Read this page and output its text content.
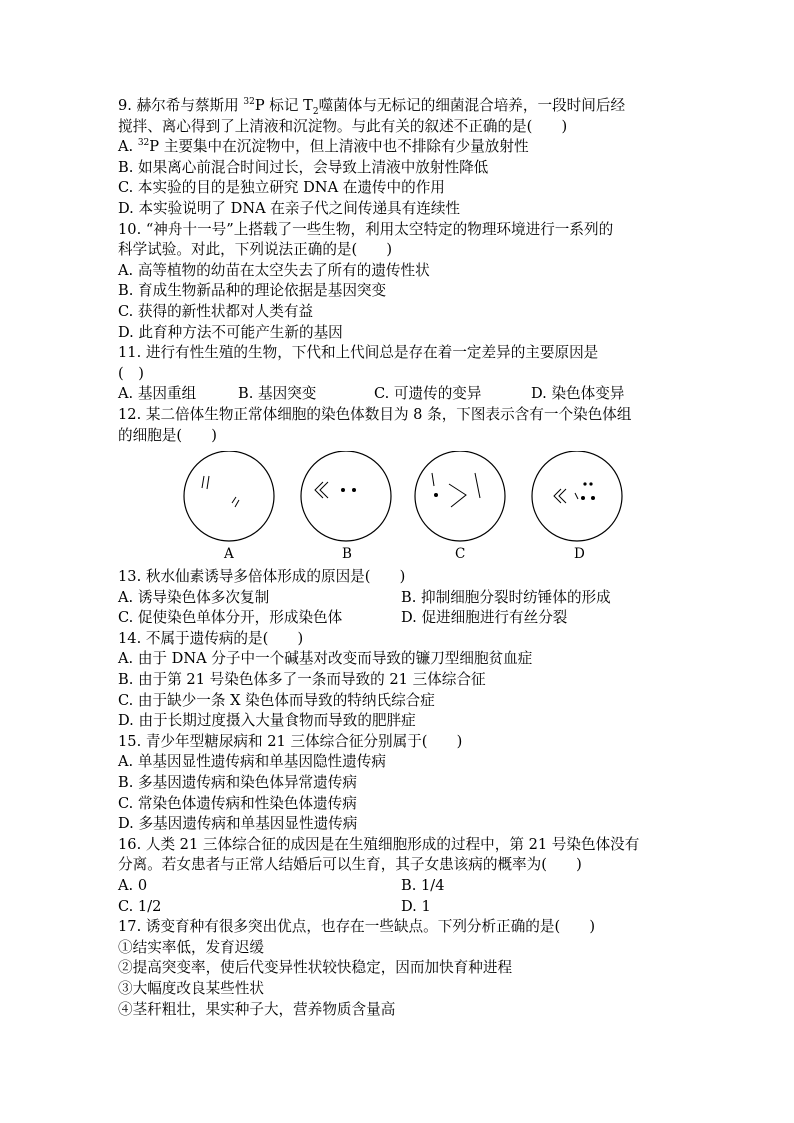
9. 赫尔希与蔡斯用 $^{32}$P 标记 $T_2$噬菌体与无标记的细菌混合培养，一段时间后经
搅拌、离心得到了上清液和沉淀物。与此有关的叙述不正确的是(　　)
A. $^{32}$P 主要集中在沉淀物中，但上清液中也不排除有少量放射性
B. 如果离心前混合时间过长，会导致上清液中放射性降低
C. 本实验的目的是独立研究 DNA 在遗传中的作用
D. 本实验说明了 DNA 在亲子代之间传递具有连续性
10. “神舟十一号”上搭载了一些生物，利用太空特定的物理环境进行一系列的
科学试验。对此，下列说法正确的是(　　)
A. 高等植物的幼苗在太空失去了所有的遗传性状
B. 育成生物新品种的理论依据是基因突变
C. 获得的新性状都对人类有益
D. 此育种方法不可能产生新的基因
11. 进行有性生殖的生物，下代和上代间总是存在着一定差异的主要原因是
(　)
A. 基因重组	B. 基因突变	C. 可遗传的变异	D. 染色体变异
12. 某二倍体生物正常体细胞的染色体数目为 8 条，下图表示含有一个染色体组
的细胞是(　　)
A	B	C	D
13. 秋水仙素诱导多倍体形成的原因是(　　)
A. 诱导染色体多次复制	B. 抑制细胞分裂时纺锤体的形成
C. 促使染色单体分开，形成染色体	D. 促进细胞进行有丝分裂
14. 不属于遗传病的是(　　)
A. 由于 DNA 分子中一个碱基对改变而导致的镰刀型细胞贫血症
B. 由于第 21 号染色体多了一条而导致的 21 三体综合征
C. 由于缺少一条 X 染色体而导致的特纳氏综合症
D. 由于长期过度摄入大量食物而导致的肥胖症
15. 青少年型糖尿病和 21 三体综合征分别属于(　　)
A. 单基因显性遗传病和单基因隐性遗传病
B. 多基因遗传病和染色体异常遗传病
C. 常染色体遗传病和性染色体遗传病
D. 多基因遗传病和单基因显性遗传病
16. 人类 21 三体综合征的成因是在生殖细胞形成的过程中，第 21 号染色体没有
分离。若女患者与正常人结婚后可以生育，其子女患该病的概率为(　　)
A. 0	B. 1/4
C. 1/2	D. 1
17. 诱变育种有很多突出优点，也存在一些缺点。下列分析正确的是(　　)
①结实率低，发育迟缓
②提高突变率，使后代变异性状较快稳定，因而加快育种进程
③大幅度改良某些性状
④茎秆粗壮，果实种子大，营养物质含量高
